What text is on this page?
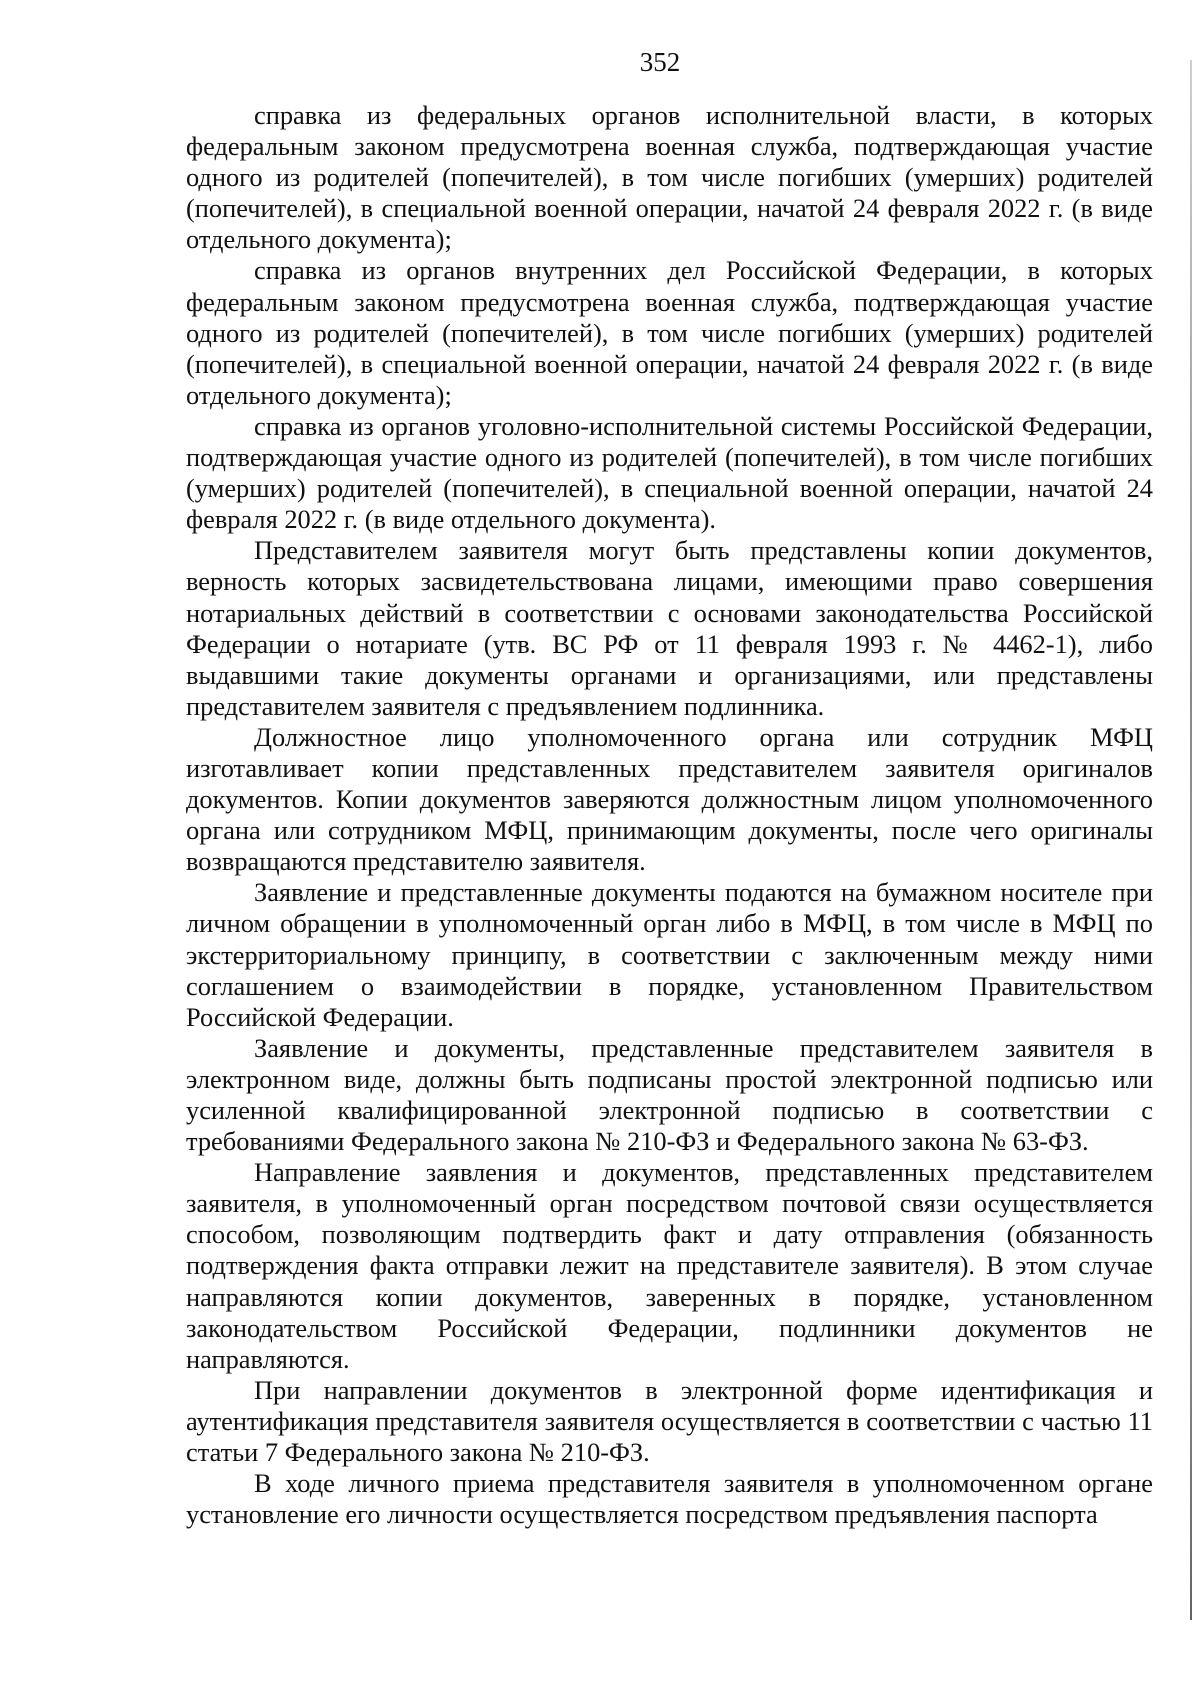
352

справка из федеральных органов исполнительной власти, в которых федеральным законом предусмотрена военная служба, подтверждающая участие одного из родителей (попечителей), в том числе погибших (умерших) родителей (попечителей), в специальной военной операции, начатой 24 февраля 2022 г. (в виде отдельного документа);

справка из органов внутренних дел Российской Федерации, в которых федеральным законом предусмотрена военная служба, подтверждающая участие одного из родителей (попечителей), в том числе погибших (умерших) родителей (попечителей), в специальной военной операции, начатой 24 февраля 2022 г. (в виде отдельного документа);

справка из органов уголовно-исполнительной системы Российской Федерации, подтверждающая участие одного из родителей (попечителей), в том числе погибших (умерших) родителей (попечителей), в специальной военной операции, начатой 24 февраля 2022 г. (в виде отдельного документа).

Представителем заявителя могут быть представлены копии документов, верность которых засвидетельствована лицами, имеющими право совершения нотариальных действий в соответствии с основами законодательства Российской Федерации о нотариате (утв. ВС РФ от 11 февраля 1993 г. № 4462-1), либо выдавшими такие документы органами и организациями, или представлены представителем заявителя с предъявлением подлинника.

Должностное лицо уполномоченного органа или сотрудник МФЦ изготавливает копии представленных представителем заявителя оригиналов документов. Копии документов заверяются должностным лицом уполномоченного органа или сотрудником МФЦ, принимающим документы, после чего оригиналы возвращаются представителю заявителя.

Заявление и представленные документы подаются на бумажном носителе при личном обращении в уполномоченный орган либо в МФЦ, в том числе в МФЦ по экстерриториальному принципу, в соответствии с заключенным между ними соглашением о взаимодействии в порядке, установленном Правительством Российской Федерации.

Заявление и документы, представленные представителем заявителя в электронном виде, должны быть подписаны простой электронной подписью или усиленной квалифицированной электронной подписью в соответствии с требованиями Федерального закона № 210-ФЗ и Федерального закона № 63-ФЗ.

Направление заявления и документов, представленных представителем заявителя, в уполномоченный орган посредством почтовой связи осуществляется способом, позволяющим подтвердить факт и дату отправления (обязанность подтверждения факта отправки лежит на представителе заявителя). В этом случае направляются копии документов, заверенных в порядке, установленном законодательством Российской Федерации, подлинники документов не направляются.

При направлении документов в электронной форме идентификация и аутентификация представителя заявителя осуществляется в соответствии с частью 11 статьи 7 Федерального закона № 210-ФЗ.

В ходе личного приема представителя заявителя в уполномоченном органе установление его личности осуществляется посредством предъявления паспорта
